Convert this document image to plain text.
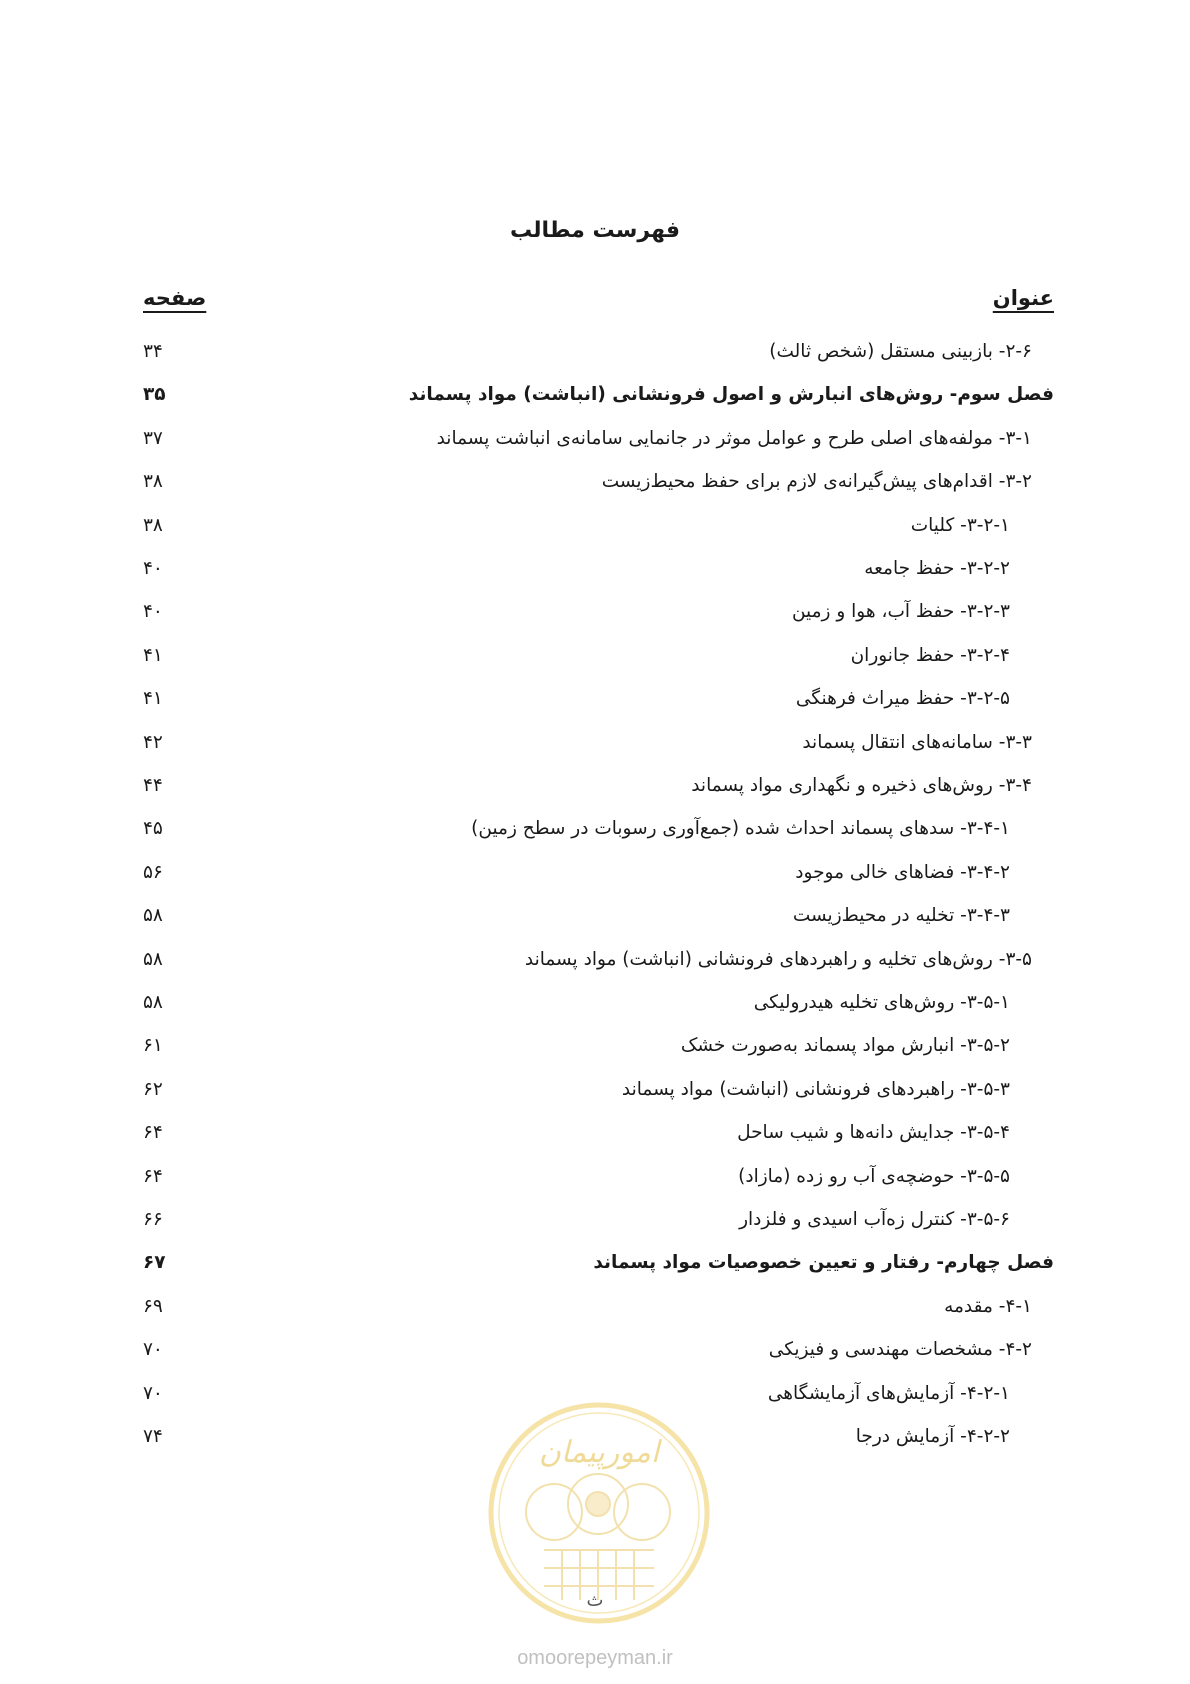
فهرست مطالب
عنوان
صفحه
۲-۶- بازبینی مستقل (شخص ثالث)
۳۴
فصل سوم- روش‌های انبارش و اصول فرونشانی (انباشت) مواد پسماند
۳۵
۳-۱- مولفه‌های اصلی طرح و عوامل موثر در جانمایی سامانه‌ی انباشت پسماند
۳۷
۳-۲- اقدام‌های پیش‌گیرانه‌ی لازم برای حفظ محیط‌زیست
۳۸
۳-۲-۱- کلیات
۳۸
۳-۲-۲- حفظ جامعه
۴۰
۳-۲-۳- حفظ آب، هوا و زمین
۴۰
۳-۲-۴- حفظ جانوران
۴۱
۳-۲-۵- حفظ میراث فرهنگی
۴۱
۳-۳- سامانه‌های انتقال پسماند
۴۲
۳-۴- روش‌های ذخیره و نگهداری مواد پسماند
۴۴
۳-۴-۱- سدهای پسماند احداث شده (جمع‌آوری رسوبات در سطح زمین)
۴۵
۳-۴-۲- فضاهای خالی موجود
۵۶
۳-۴-۳- تخلیه در محیط‌زیست
۵۸
۳-۵- روش‌های تخلیه و راهبردهای فرونشانی (انباشت) مواد پسماند
۵۸
۳-۵-۱- روش‌های تخلیه هیدرولیکی
۵۸
۳-۵-۲- انبارش مواد پسماند به‌صورت خشک
۶۱
۳-۵-۳- راهبردهای فرونشانی (انباشت) مواد پسماند
۶۲
۳-۵-۴- جدایش دانه‌ها و شیب ساحل
۶۴
۳-۵-۵- حوضچه‌ی آب رو زده (مازاد)
۶۴
۳-۵-۶- کنترل زه‌آب اسیدی و فلزدار
۶۶
فصل چهارم- رفتار و تعیین خصوصیات مواد پسماند
۶۷
۴-۱- مقدمه
۶۹
۴-۲- مشخصات مهندسی و فیزیکی
۷۰
۴-۲-۱- آزمایش‌های آزمایشگاهی
۷۰
۴-۲-۲- آزمایش درجا
۷۴	امورپیمان
ث
omoorepeyman.ir
